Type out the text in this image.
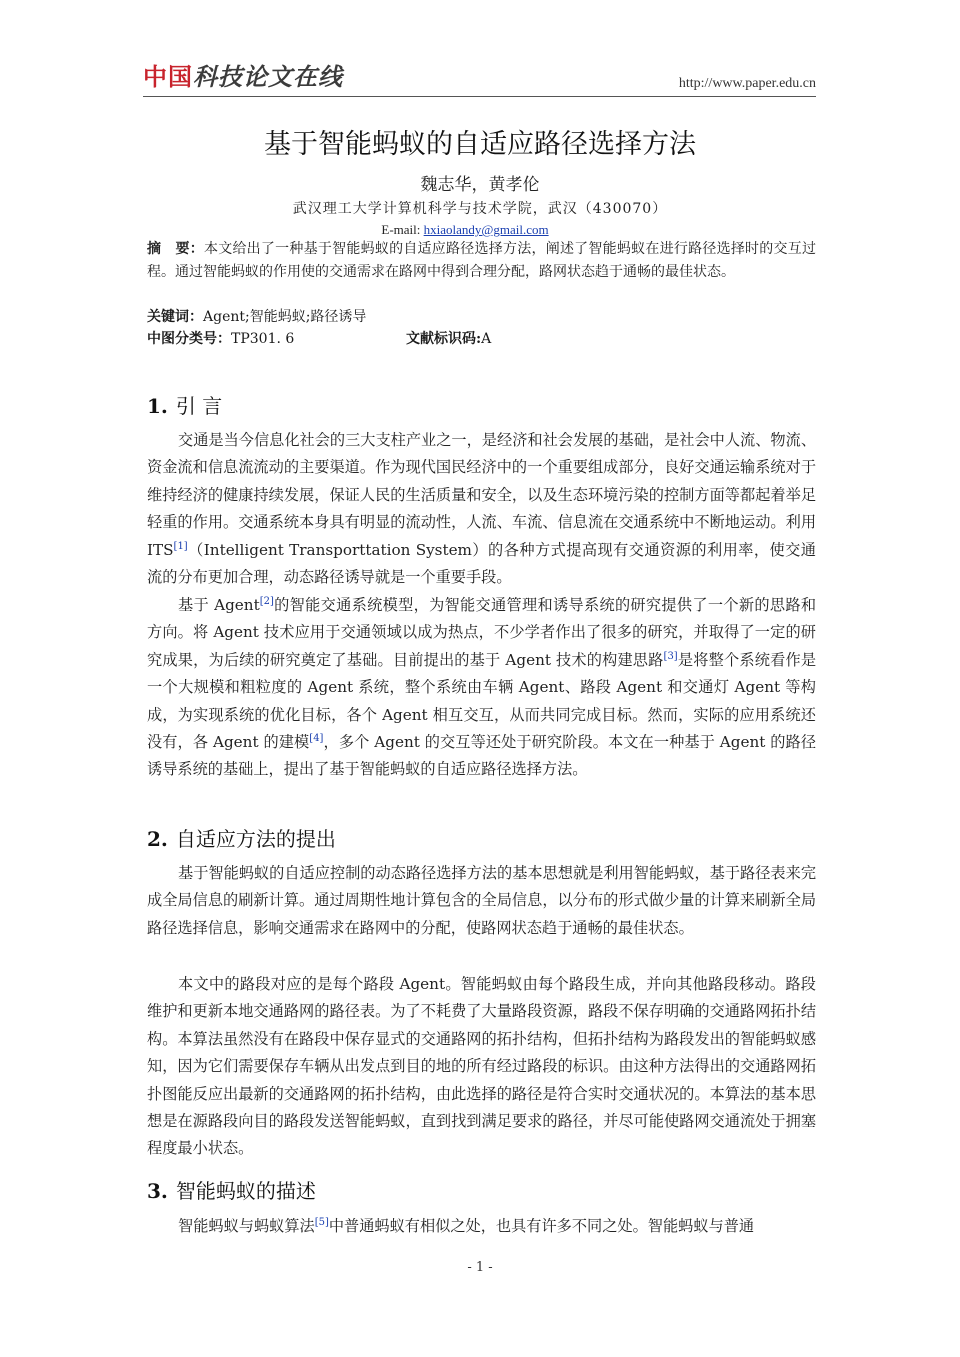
中国科技论文在线	http://www.paper.edu.cn
基于智能蚂蚁的自适应路径选择方法
魏志华，黄孝伦
武汉理工大学计算机科学与技术学院，武汉（430070）
E-mail: hxiaolandy@gmail.com
摘　要：本文给出了一种基于智能蚂蚁的自适应路径选择方法，阐述了智能蚂蚁在进行路径选择时的交互过程。通过智能蚂蚁的作用使的交通需求在路网中得到合理分配，路网状态趋于通畅的最佳状态。
关键词：Agent;智能蚂蚁;路径诱导
中图分类号：TP301. 6	文献标识码:A
1. 引 言
交通是当今信息化社会的三大支柱产业之一，是经济和社会发展的基础，是社会中人流、物流、资金流和信息流流动的主要渠道。作为现代国民经济中的一个重要组成部分，良好交通运输系统对于维持经济的健康持续发展，保证人民的生活质量和安全，以及生态环境污染的控制方面等都起着举足轻重的作用。交通系统本身具有明显的流动性，人流、车流、信息流在交通系统中不断地运动。利用 ITS[1]（Intelligent Transporttation System）的各种方式提高现有交通资源的利用率，使交通流的分布更加合理，动态路径诱导就是一个重要手段。
基于 Agent[2]的智能交通系统模型，为智能交通管理和诱导系统的研究提供了一个新的思路和方向。将 Agent 技术应用于交通领域以成为热点，不少学者作出了很多的研究，并取得了一定的研究成果，为后续的研究奠定了基础。目前提出的基于 Agent 技术的构建思路[3]是将整个系统看作是一个大规模和粗粒度的 Agent 系统，整个系统由车辆 Agent、路段 Agent 和交通灯 Agent 等构成，为实现系统的优化目标，各个 Agent 相互交互，从而共同完成目标。然而，实际的应用系统还没有，各 Agent 的建模[4]，多个 Agent 的交互等还处于研究阶段。本文在一种基于 Agent 的路径诱导系统的基础上，提出了基于智能蚂蚁的自适应路径选择方法。
2. 自适应方法的提出
基于智能蚂蚁的自适应控制的动态路径选择方法的基本思想就是利用智能蚂蚁，基于路径表来完成全局信息的刷新计算。通过周期性地计算包含的全局信息，以分布的形式做少量的计算来刷新全局路径选择信息，影响交通需求在路网中的分配，使路网状态趋于通畅的最佳状态。
本文中的路段对应的是每个路段 Agent。智能蚂蚁由每个路段生成，并向其他路段移动。路段维护和更新本地交通路网的路径表。为了不耗费了大量路段资源，路段不保存明确的交通路网拓扑结构。本算法虽然没有在路段中保存显式的交通路网的拓扑结构，但拓扑结构为路段发出的智能蚂蚁感知，因为它们需要保存车辆从出发点到目的地的所有经过路段的标识。由这种方法得出的交通路网拓扑图能反应出最新的交通路网的拓扑结构，由此选择的路径是符合实时交通状况的。本算法的基本思想是在源路段向目的路段发送智能蚂蚁，直到找到满足要求的路径，并尽可能使路网交通流处于拥塞程度最小状态。
3. 智能蚂蚁的描述
智能蚂蚁与蚂蚁算法[5]中普通蚂蚁有相似之处，也具有许多不同之处。智能蚂蚁与普通
- 1 -
